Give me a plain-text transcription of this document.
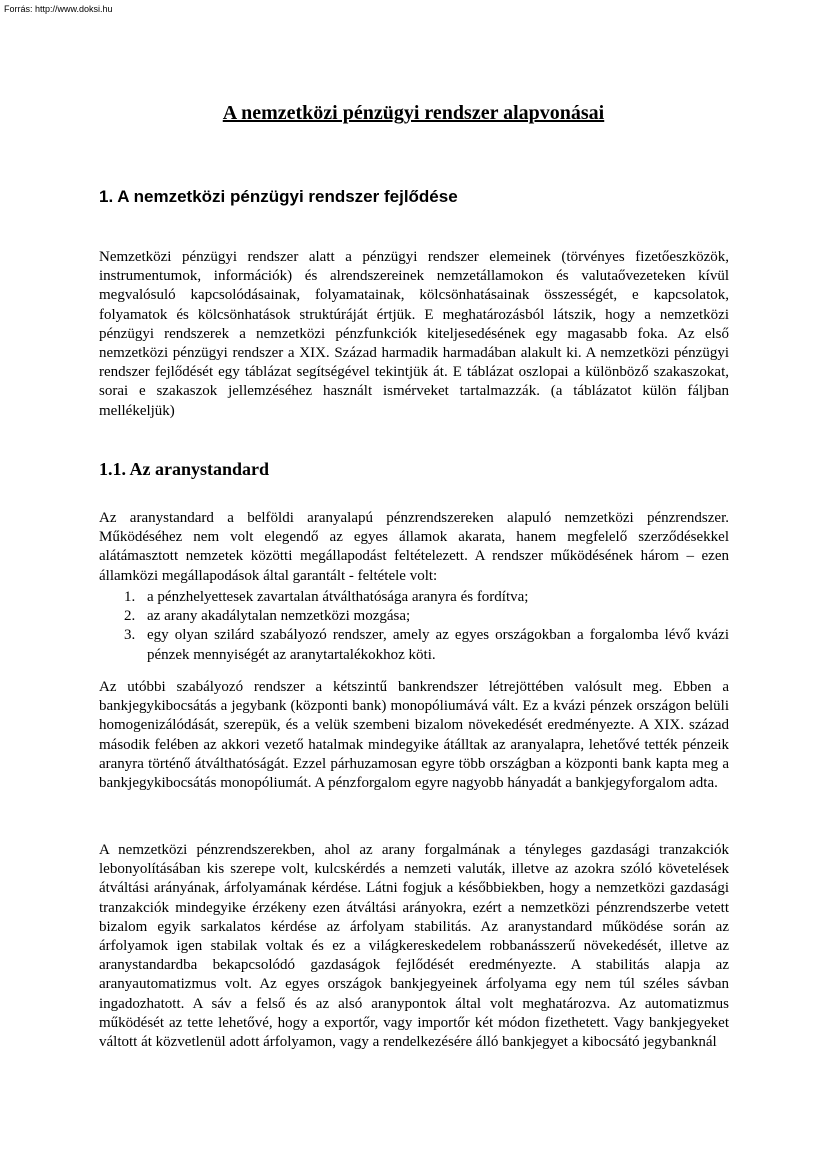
Forrás: http://www.doksi.hu
A nemzetközi pénzügyi rendszer alapvonásai
1. A nemzetközi pénzügyi rendszer fejlődése

Nemzetközi pénzügyi rendszer alatt a pénzügyi rendszer elemeinek (törvényes fizetőeszközök, instrumentumok, információk) és alrendszereinek nemzetállamokon és valutaővezeteken kívül megvalósuló kapcsolódásainak, folyamatainak, kölcsönhatásainak összességét, e kapcsolatok, folyamatok és kölcsönhatások struktúráját értjük. E meghatározásból látszik, hogy a nemzetközi pénzügyi rendszerek a nemzetközi pénzfunkciók kiteljesedésének egy magasabb foka. Az első nemzetközi pénzügyi rendszer a XIX. Század harmadik harmadában alakult ki. A nemzetközi pénzügyi rendszer fejlődését egy táblázat segítségével tekintjük át. E táblázat oszlopai a különböző szakaszokat, sorai e szakaszok jellemzéséhez használt ismérveket tartalmazzák. (a táblázatot külön fáljban mellékeljük)

1.1. Az aranystandard

Az aranystandard a belföldi aranyalapú pénzrendszereken alapuló nemzetközi pénzrendszer. Működéséhez nem volt elegendő az egyes államok akarata, hanem megfelelő szerződésekkel alátámasztott nemzetek közötti megállapodást feltételezett. A rendszer működésének három – ezen államközi megállapodások által garantált - feltétele volt:

1. a pénzhelyettesek zavartalan átválthatósága aranyra és fordítva;
2. az arany akadálytalan nemzetközi mozgása;
3. egy olyan szilárd szabályozó rendszer, amely az egyes országokban a forgalomba lévő kvázi pénzek mennyiségét az aranytartalékokhoz köti.

Az utóbbi szabályozó rendszer a kétszintű bankrendszer létrejöttében valósult meg. Ebben a bankjegykibocsátás a jegybank (központi bank) monopóliumává vált. Ez a kvázi pénzek országon belüli homogenizálódását, szerepük, és a velük szembeni bizalom növekedését eredményezte. A XIX. század második felében az akkori vezető hatalmak mindegyike átálltak az aranyalapra, lehetővé tették pénzeik aranyra történő átválthatóságát. Ezzel párhuzamosan egyre több országban a központi bank kapta meg a bankjegykibocsátás monopóliumát. A pénzforgalom egyre nagyobb hányadát a bankjegyforgalom adta.

A nemzetközi pénzrendszerekben, ahol az arany forgalmának a tényleges gazdasági tranzakciók lebonyolításában kis szerepe volt, kulcskérdés a nemzeti valuták, illetve az azokra szóló követelések átváltási arányának, árfolyamának kérdése. Látni fogjuk a későbbiekben, hogy a nemzetközi gazdasági tranzakciók mindegyike érzékeny ezen átváltási arányokra, ezért a nemzetközi pénzrendszerbe vetett bizalom egyik sarkalatos kérdése az árfolyam stabilitás. Az aranystandard működése során az árfolyamok igen stabilak voltak és ez a világkereskedelem robbanásszerű növekedését, illetve az aranystandardba bekapcsolódó gazdaságok fejlődését eredményezte. A stabilitás alapja az aranyautomatizmus volt. Az egyes országok bankjegyeinek árfolyama egy nem túl széles sávban ingadozhatott. A sáv a felső és az alsó aranypontok által volt meghatározva. Az automatizmus működését az tette lehetővé, hogy a exportőr, vagy importőr két módon fizethetett. Vagy bankjegyeket váltott át közvetlenül adott árfolyamon, vagy a rendelkezésére álló bankjegyet a kibocsátó jegybanknál
